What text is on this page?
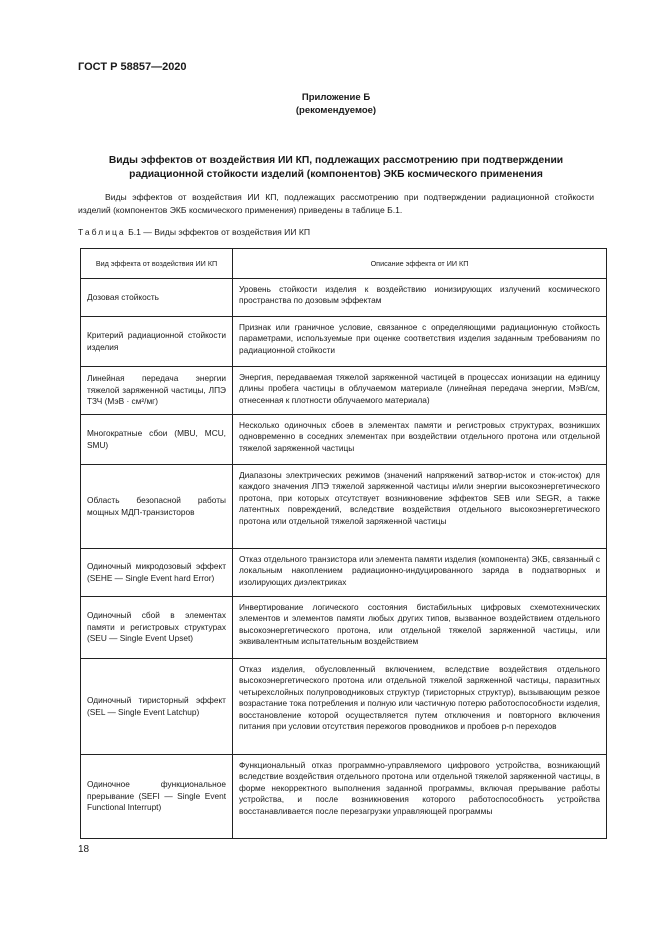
ГОСТ Р 58857—2020
Приложение Б
(рекомендуемое)
Виды эффектов от воздействия ИИ КП, подлежащих рассмотрению при подтверждении
радиационной стойкости изделий (компонентов) ЭКБ космического применения

Виды эффектов от воздействия ИИ КП, подлежащих рассмотрению при подтверждении радиационной стойкости изделий (компонентов ЭКБ космического применения) приведены в таблице Б.1.

Таблица Б.1 — Виды эффектов от воздействия ИИ КП
Вид эффекта от воздействия ИИ КП	Описание эффекта от ИИ КП
Дозовая стойкость	Уровень стойкости изделия к воздействию ионизирующих излучений космического пространства по дозовым эффектам
Критерий радиационной стойкости изделия	Признак или граничное условие, связанное с определяющими радиационную стойкость параметрами, используемые при оценке соответствия изделия заданным требованиям по радиационной стойкости
Линейная передача энергии тяжелой заряженной частицы, ЛПЭ ТЗЧ (МэВ · см²/мг)	Энергия, передаваемая тяжелой заряженной частицей в процессах ионизации на единицу длины пробега частицы в облучаемом материале (линейная передача энергии, МэВ/см, отнесенная к плотности облучаемого материала)
Многократные сбои (MBU, MCU, SMU)	Несколько одиночных сбоев в элементах памяти и регистровых структурах, возникших одновременно в соседних элементах при воздействии отдельного протона или отдельной тяжелой заряженной частицы
Область безопасной работы мощных МДП-транзисторов	Диапазоны электрических режимов (значений напряжений затвор-исток и сток-исток) для каждого значения ЛПЭ тяжелой заряженной частицы и/или энергии высокоэнергетического протона, при которых отсутствует возникновение эффектов SEB или SEGR, а также латентных повреждений, вследствие воздействия отдельного высокоэнергетического протона или отдельной тяжелой заряженной частицы
Одиночный микродозовый эффект (SEHE — Single Event hard Error)	Отказ отдельного транзистора или элемента памяти изделия (компонента) ЭКБ, связанный с локальным накоплением радиационно-индуцированного заряда в подзатворных и изолирующих диэлектриках
Одиночный сбой в элементах памяти и регистровых структурах (SEU — Single Event Upset)	Инвертирование логического состояния бистабильных цифровых схемотехнических элементов и элементов памяти любых других типов, вызванное воздействием отдельного высокоэнергетического протона, или отдельной тяжелой заряженной частицы, или эквивалентным испытательным воздействием
Одиночный тиристорный эффект (SEL — Single Event Latchup)	Отказ изделия, обусловленный включением, вследствие воздействия отдельного высокоэнергетического протона или отдельной тяжелой заряженной частицы, паразитных четырехслойных полупроводниковых структур (тиристорных структур), вызывающим резкое возрастание тока потребления и полную или частичную потерю работоспособности изделия, восстановление которой осуществляется путем отключения и повторного включения питания при условии отсутствия пережогов проводников и пробоев p-n переходов
Одиночное функциональное прерывание (SEFI — Single Event Functional Interrupt)	Функциональный отказ программно-управляемого цифрового устройства, возникающий вследствие воздействия отдельного протона или отдельной тяжелой заряженной частицы, в форме некорректного выполнения заданной программы, включая прерывание работы устройства, и после возникновения которого работоспособность устройства восстанавливается после перезагрузки управляющей программы
18
